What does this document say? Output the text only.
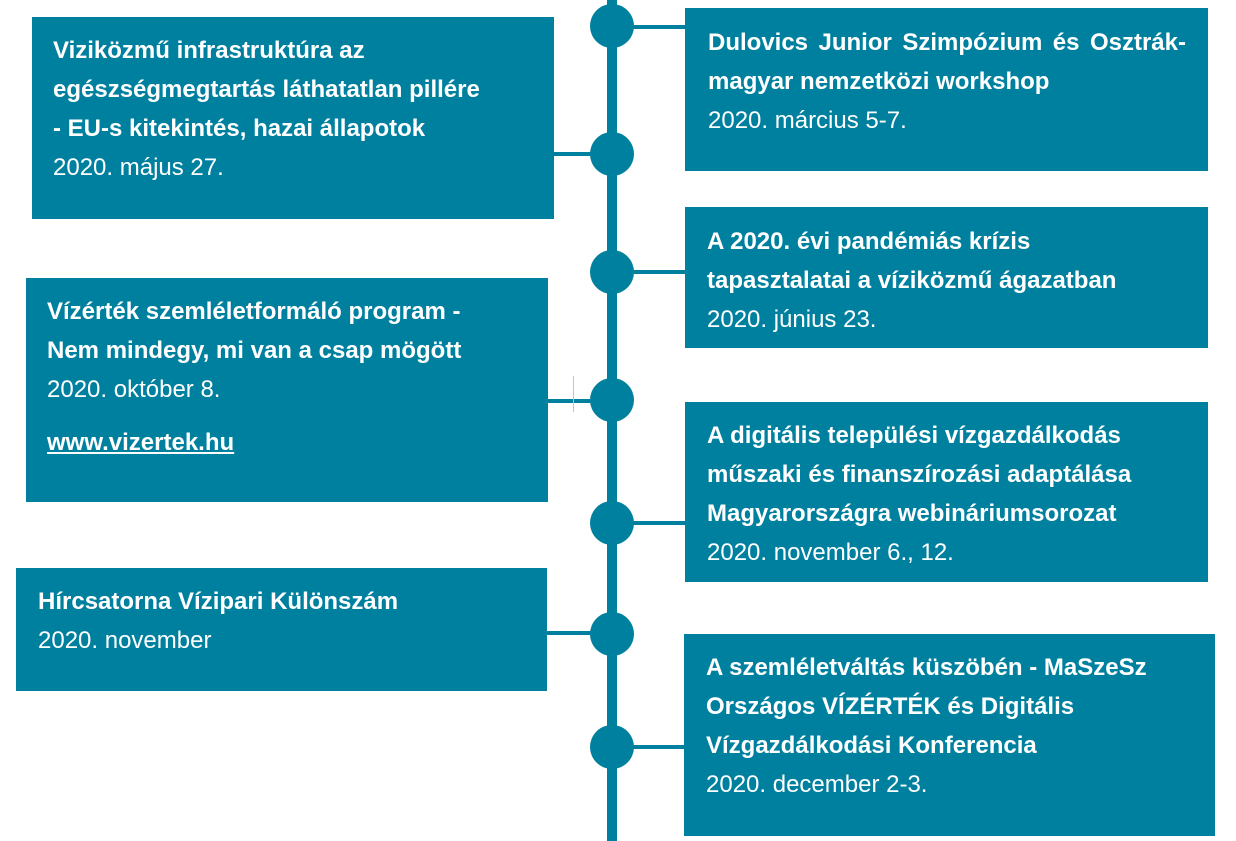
Viziközmű infrastruktúra az
egészségmegtartás láthatatlan pillére
- EU-s kitekintés, hazai állapotok
2020. május 27.
Dulovics Junior Szimpózium és Osztrák-magyar nemzetközi workshop
2020. március 5-7.
A 2020. évi pandémiás krízis
tapasztalatai a víziközmű ágazatban
2020. június 23.
Vízérték szemléletformáló program -
Nem mindegy, mi van a csap mögött
2020. október 8.
www.vizertek.hu	A digitális települési vízgazdálkodás
műszaki és finanszírozási adaptálása
Magyarországra webináriumsorozat
2020. november 6., 12.
Hírcsatorna Vízipari Különszám
2020. november
A szemléletváltás küszöbén - MaSzeSz
Országos VÍZÉRTÉK és Digitális
Vízgazdálkodási Konferencia
2020. december 2-3.
